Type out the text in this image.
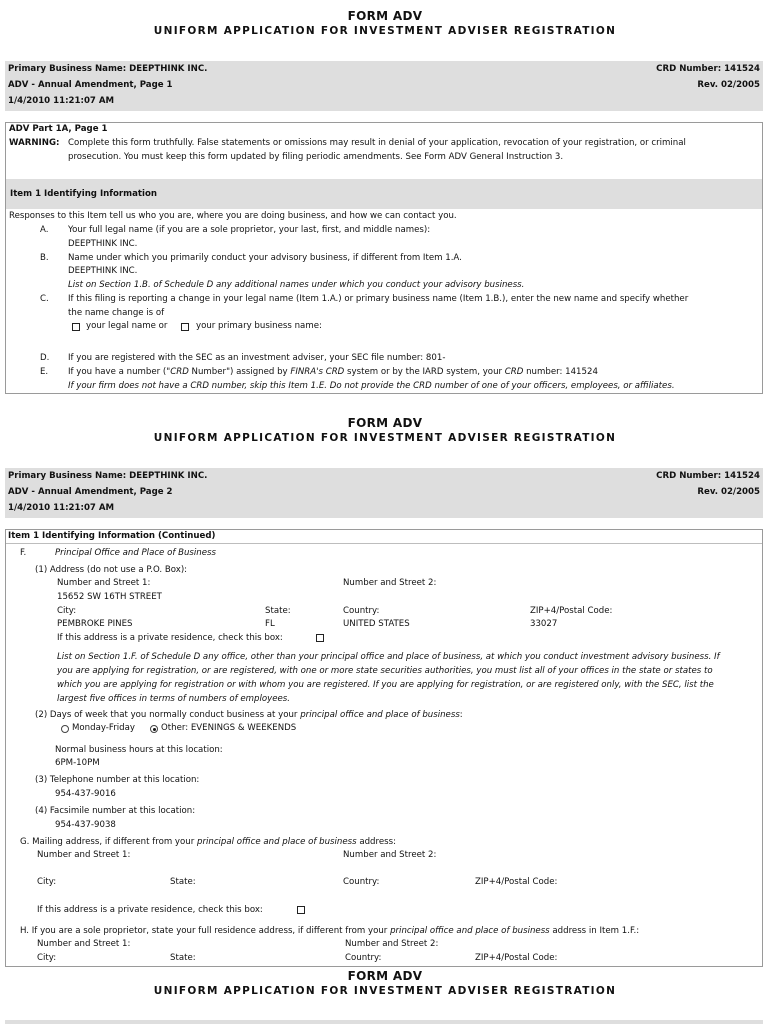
FORM ADV
UNIFORM APPLICATION FOR INVESTMENT ADVISER REGISTRATION
Primary Business Name: DEEPTHINK INC.	CRD Number: 141524
ADV - Annual Amendment, Page 1	Rev. 02/2005
1/4/2010 11:21:07 AM
ADV Part 1A, Page 1
WARNING: Complete this form truthfully. False statements or omissions may result in denial of your application, revocation of your registration, or criminal
prosecution. You must keep this form updated by filing periodic amendments. See Form ADV General Instruction 3.
Item 1 Identifying Information
Responses to this Item tell us who you are, where you are doing business, and how we can contact you.
A. Your full legal name (if you are a sole proprietor, your last, first, and middle names):
DEEPTHINK INC.
B. Name under which you primarily conduct your advisory business, if different from Item 1.A.
DEEPTHINK INC.
List on Section 1.B. of Schedule D any additional names under which you conduct your advisory business.
C. If this filing is reporting a change in your legal name (Item 1.A.) or primary business name (Item 1.B.), enter the new name and specify whether
the name change is of
your legal name or	your primary business name:
D. If you are registered with the SEC as an investment adviser, your SEC file number: 801-
E. If you have a number ("CRD Number") assigned by FINRA's CRD system or by the IARD system, your CRD number: 141524
If your firm does not have a CRD number, skip this Item 1.E. Do not provide the CRD number of one of your officers, employees, or affiliates.
FORM ADV
UNIFORM APPLICATION FOR INVESTMENT ADVISER REGISTRATION
Primary Business Name: DEEPTHINK INC.	CRD Number: 141524
ADV - Annual Amendment, Page 2	Rev. 02/2005
1/4/2010 11:21:07 AM
Item 1 Identifying Information (Continued)
F.	Principal Office and Place of Business
(1) Address (do not use a P.O. Box):
Number and Street 1:	Number and Street 2:
15652 SW 16TH STREET
City:	State:	Country:	ZIP+4/Postal Code:
PEMBROKE PINES	FL	UNITED STATES	33027
If this address is a private residence, check this box:
List on Section 1.F. of Schedule D any office, other than your principal office and place of business, at which you conduct investment advisory business. If
you are applying for registration, or are registered, with one or more state securities authorities, you must list all of your offices in the state or states to
which you are applying for registration or with whom you are registered. If you are applying for registration, or are registered only, with the SEC, list the
largest five offices in terms of numbers of employees.
(2) Days of week that you normally conduct business at your principal office and place of business:
Monday-Friday	Other: EVENINGS & WEEKENDS
Normal business hours at this location:
6PM-10PM
(3) Telephone number at this location:
954-437-9016
(4) Facsimile number at this location:
954-437-9038
G. Mailing address, if different from your principal office and place of business address:
Number and Street 1:	Number and Street 2:
City:	State:	Country:	ZIP+4/Postal Code:
If this address is a private residence, check this box:
H. If you are a sole proprietor, state your full residence address, if different from your principal office and place of business address in Item 1.F.:
Number and Street 1:	Number and Street 2:
City:	State:	Country:	ZIP+4/Postal Code:
FORM ADV
UNIFORM APPLICATION FOR INVESTMENT ADVISER REGISTRATION
